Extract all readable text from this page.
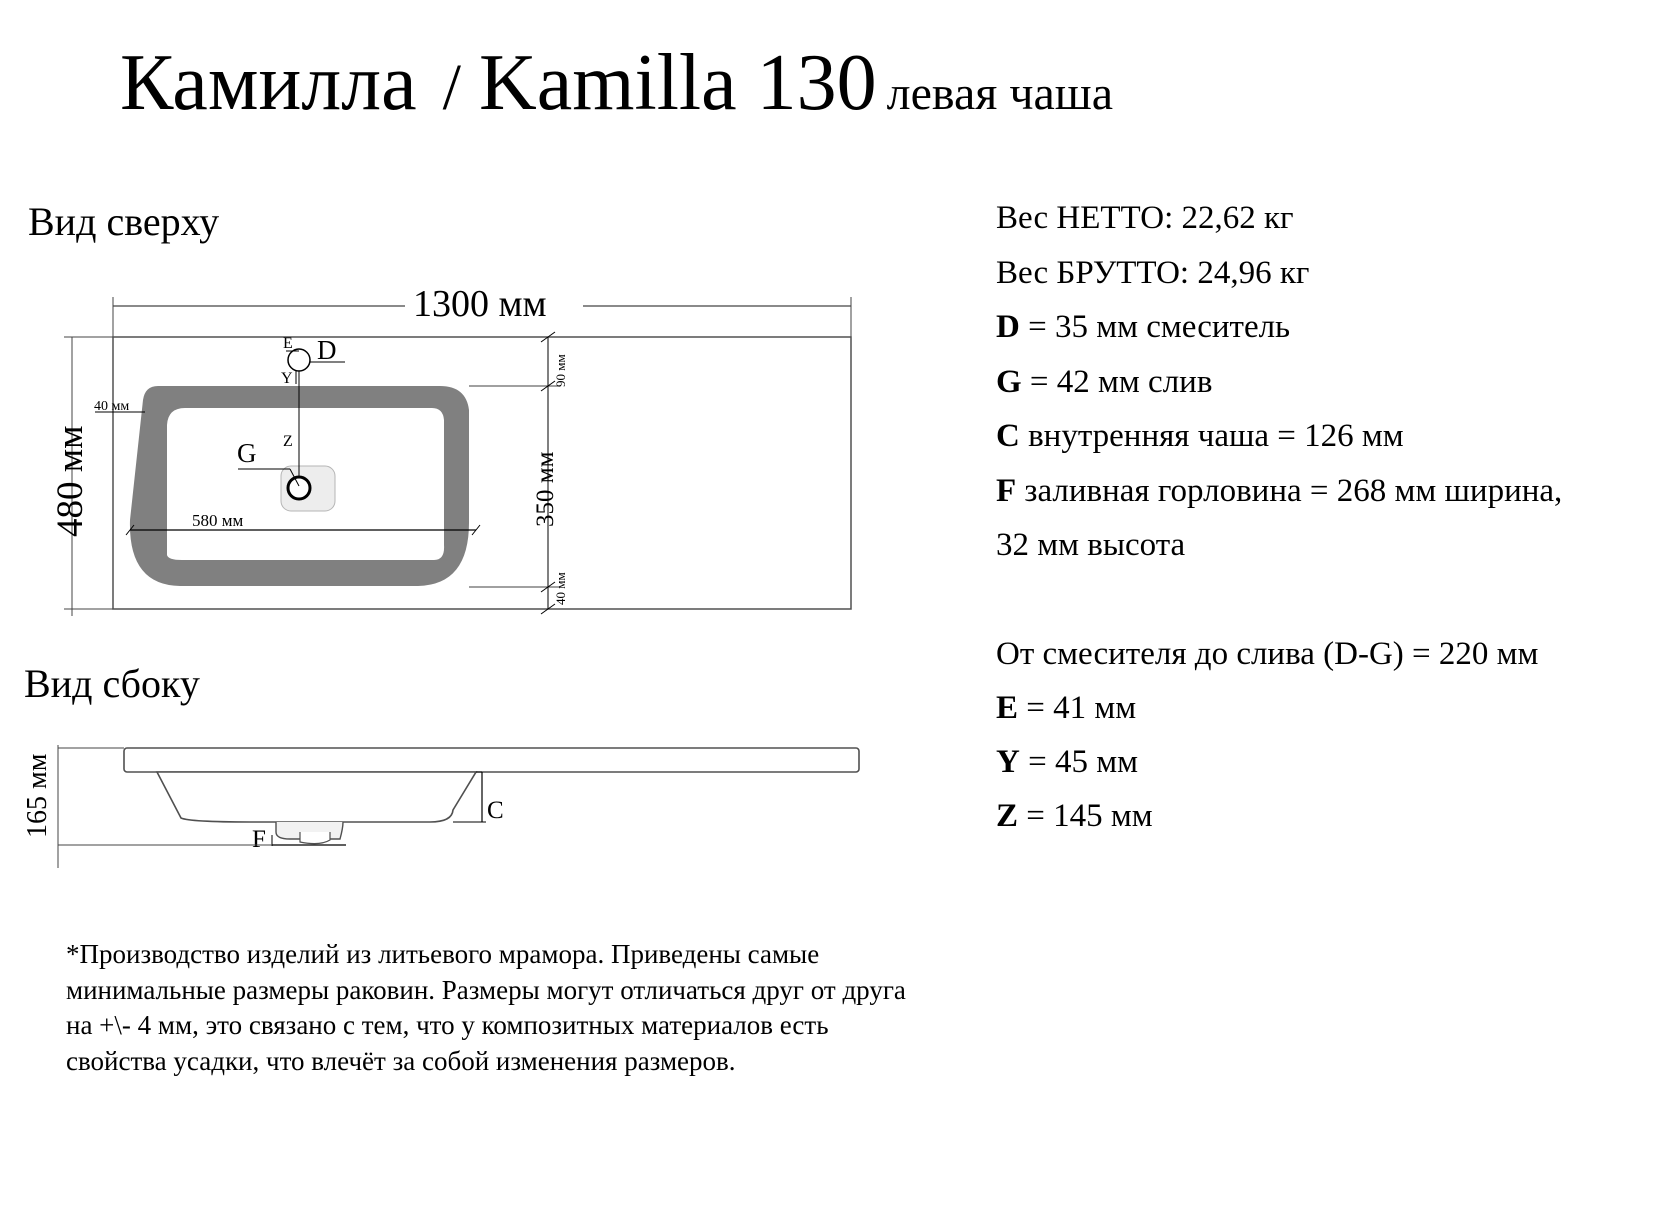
Камилла / Kamilla 130 левая чаша
Вид сверху
Вид сбоку
1300 мм
E D
Y
Z
G
580 мм
40 мм
480 мм
90 мм
350 мм
40 мм
C
F
165 мм
Вес НЕТТО: 22,62 кг
Вес БРУТТО: 24,96 кг
D = 35 мм смеситель
G = 42 мм слив
C внутренняя чаша = 126 мм
F заливная горловина = 268 мм ширина,
32 мм высота
От смесителя до слива (D-G) = 220 мм
E = 41 мм
Y = 45 мм
Z = 145 мм
*Производство изделий из литьевого мрамора. Приведены самые минимальные размеры раковин. Размеры могут отличаться друг от друга на +\- 4 мм, это связано с тем, что у композитных материалов есть свойства усадки, что влечёт за собой изменения размеров.
